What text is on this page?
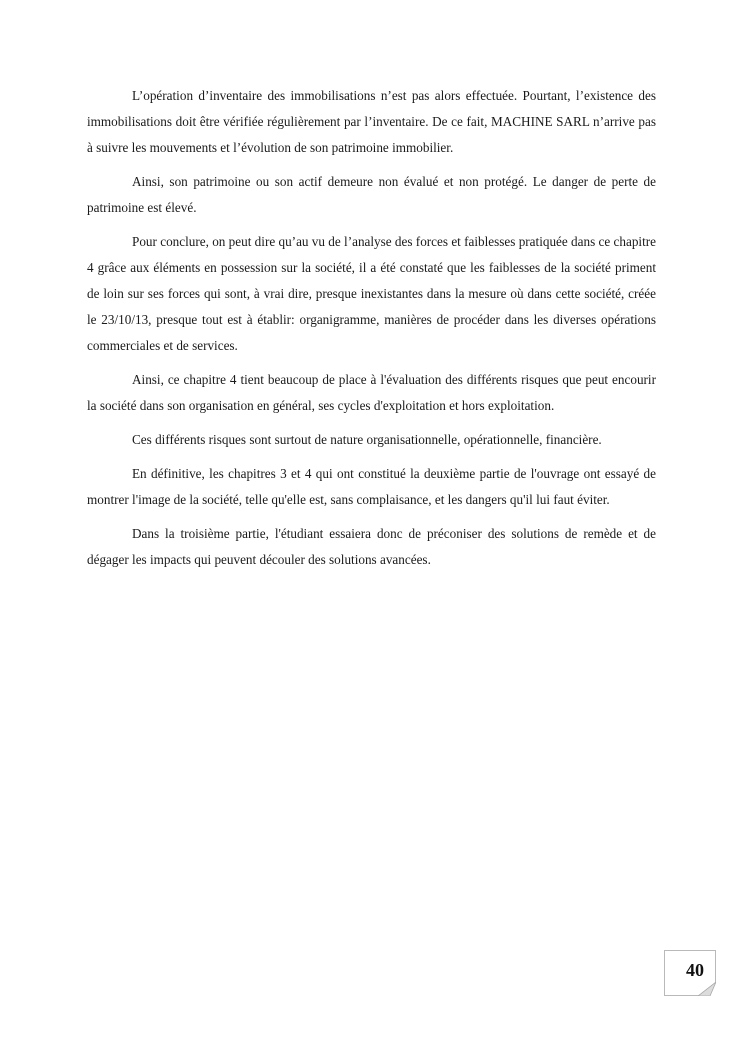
L’opération d’inventaire des immobilisations n’est pas alors effectuée. Pourtant, l’existence des immobilisations doit être vérifiée régulièrement par l’inventaire. De ce fait, MACHINE SARL n’arrive pas à suivre les mouvements et l’évolution de son patrimoine immobilier.

Ainsi, son patrimoine ou son actif demeure non évalué et non protégé. Le danger de perte de patrimoine est élevé.

Pour conclure, on peut dire qu’au vu de l’analyse des forces et faiblesses pratiquée dans ce chapitre 4 grâce aux éléments en possession sur la société, il a été constaté que les faiblesses de la société priment de loin sur ses forces qui sont, à vrai dire, presque inexistantes dans la mesure où dans cette société, créée le 23/10/13, presque tout est à établir: organigramme, manières de procéder dans les diverses opérations commerciales et de services.

Ainsi, ce chapitre 4 tient beaucoup de place à l'évaluation des différents risques que peut encourir la société dans son organisation en général, ses cycles d'exploitation et hors exploitation.

Ces différents risques sont surtout de nature organisationnelle, opérationnelle, financière.

En définitive, les chapitres 3 et 4 qui ont constitué la deuxième partie de l'ouvrage ont essayé de montrer l'image de la société, telle qu'elle est, sans complaisance, et les dangers qu'il lui faut éviter.

Dans la troisième partie, l'étudiant essaiera donc de préconiser des solutions de remède et de dégager les impacts qui peuvent découler des solutions avancées.

40
